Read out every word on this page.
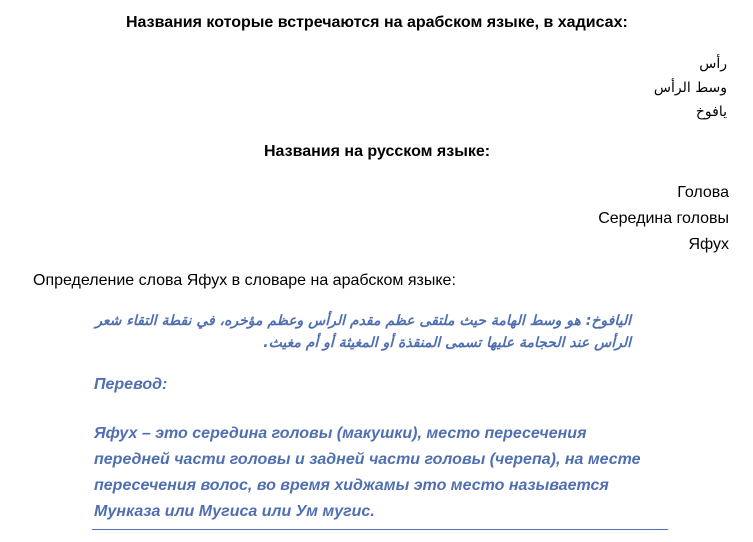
Названия которые встречаются на арабском языке, в хадисах:
رأس
وسط الرأس
يافوخ
Названия на русском языке:
Голова
Середина головы
Яфух
Определение слова Яфух в словаре на арабском языке:
اليافوخ: هو وسط الهامة حيث ملتقى عظم مقدم الرأس وعظم مؤخره، في نقطة التقاء شعر الرأس عند الحجامة عليها تسمى المنقذة أو المغيثة أو أم مغيث.
Перевод:
Яфух – это середина головы (макушки), место пересечения передней части головы и задней части головы (черепа), на месте пересечения волос, во время хиджамы это место называется Мунказа или Мугиса или Ум мугис.
